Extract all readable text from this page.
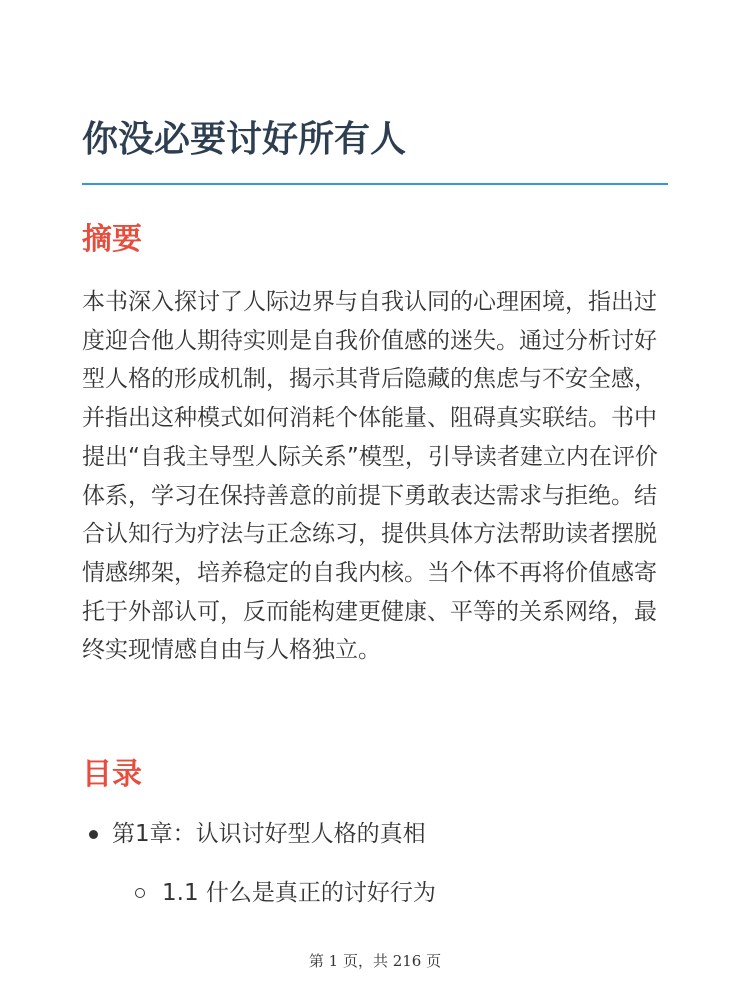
你没必要讨好所有人
摘要

本书深入探讨了人际边界与自我认同的心理困境，指出过度迎合他人期待实则是自我价值感的迷失。通过分析讨好型人格的形成机制，揭示其背后隐藏的焦虑与不安全感，并指出这种模式如何消耗个体能量、阻碍真实联结。书中提出“自我主导型人际关系”模型，引导读者建立内在评价体系，学习在保持善意的前提下勇敢表达需求与拒绝。结合认知行为疗法与正念练习，提供具体方法帮助读者摆脱情感绑架，培养稳定的自我内核。当个体不再将价值感寄托于外部认可，反而能构建更健康、平等的关系网络，最终实现情感自由与人格独立。

目录
第1章：认识讨好型人格的真相
1.1 什么是真正的讨好行为
第 1 页，共 216 页
